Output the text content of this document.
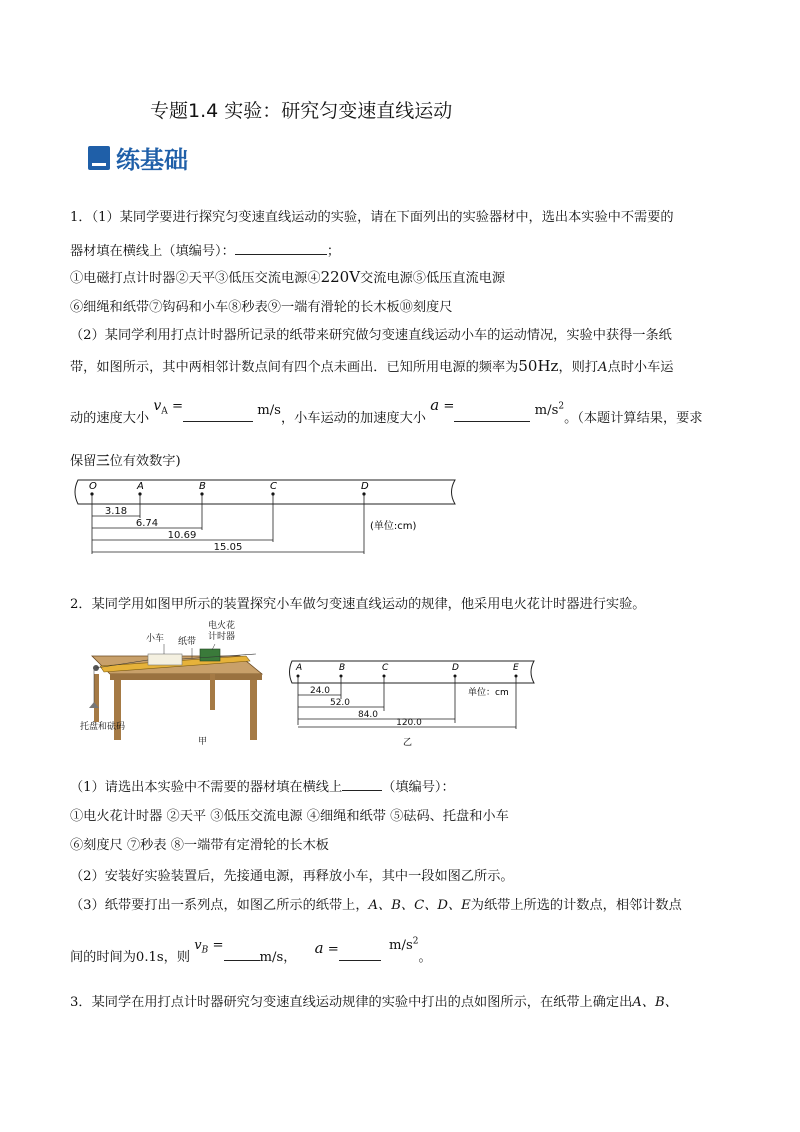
专题1.4 实验：研究匀变速直线运动
练基础
1．（1）某同学要进行探究匀变速直线运动的实验，请在下面列出的实验器材中，选出本实验中不需要的
器材填在横线上（填编号）：	；
①电磁打点计时器②天平③低压交流电源④220V交流电源⑤低压直流电源
⑥细绳和纸带⑦钩码和小车⑧秒表⑨一端有滑轮的长木板⑩刻度尺
（2）某同学利用打点计时器所记录的纸带来研究做匀变速直线运动小车的运动情况，实验中获得一条纸
带，如图所示，其中两相邻计数点间有四个点未画出．已知所用电源的频率为50Hz，则打A点时小车运
动的速度大小 $v_A$ =	m/s，小车运动的加速度大小 a =	$m/s^2$。（本题计算结果，要求
保留三位有效数字)
O	A	B	C	D
3.18
6.74
10.69
15.05
(单位:cm)
2．某同学用如图甲所示的装置探究小车做匀变速直线运动的规律，他采用电火花计时器进行实验。
小车 纸带
电火花
计时器
托盘和砝码
甲
A	B	C	D	E
24.0
52.0
84.0
120.0
单位：cm
乙
（1）请选出本实验中不需要的器材填在横线上	（填编号）：
①电火花计时器 ②天平 ③低压交流电源 ④细绳和纸带 ⑤砝码、托盘和小车
⑥刻度尺 ⑦秒表 ⑧一端带有定滑轮的长木板
（2）安装好实验装置后，先接通电源，再释放小车，其中一段如图乙所示。
（3）纸带要打出一系列点，如图乙所示的纸带上，A、B、C、D、E为纸带上所选的计数点，相邻计数点
间的时间为0.1s，则 $v_B =m/s$， a =	$m/s^2$。
3．某同学在用打点计时器研究匀变速直线运动规律的实验中打出的点如图所示，在纸带上确定出A、B、
